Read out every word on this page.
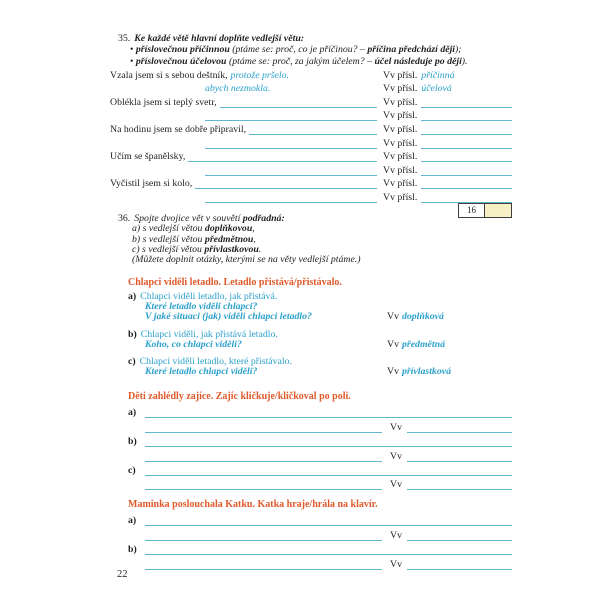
35. Ke každé větě hlavní doplňte vedlejší větu:
• příslovečnou příčinnou (ptáme se: proč, co je příčinou? – příčina předchází ději);
• příslovečnou účelovou (ptáme se: proč, za jakým účelem? – účel následuje po ději).
Vzala jsem si s sebou deštník, protože pršelo.	Vv přísl. příčinná
abych nezmokla.	Vv přísl. účelová
Oblékla jsem si teplý svetr,	Vv přísl.
Vv přísl.
Na hodinu jsem se dobře připravil,	Vv přísl.
Vv přísl.
Učím se španělsky,	Vv přísl.
Vv přísl.
Vyčistil jsem si kolo,	Vv přísl.
Vv přísl.
16
36. Spojte dvojice vět v souvětí podřadná:
a) s vedlejší větou doplňkovou,
b) s vedlejší větou předmětnou,
c) s vedlejší větou přívlastkovou.
(Můžete doplnit otázky, kterými se na věty vedlejší ptáme.)
Chlapci viděli letadlo. Letadlo přistává/přistávalo.
a) Chlapci viděli letadlo, jak přistává.
Které letadlo viděli chlapci?
V jaké situaci (jak) viděli chlapci letadlo?	Vv doplňková
b) Chlapci viděli, jak přistává letadlo.
Koho, co chlapci viděli?	Vv předmětná
c) Chlapci viděli letadlo, které přistávalo.
Které letadlo chlapci viděli?	Vv přívlastková
Děti zahlédly zajíce. Zajíc kličkuje/kličkoval po poli.
a)
Vv
b)
Vv
c)
Vv
Maminka poslouchala Katku. Katka hraje/hrála na klavír.
a)
Vv
b)
Vv
22
